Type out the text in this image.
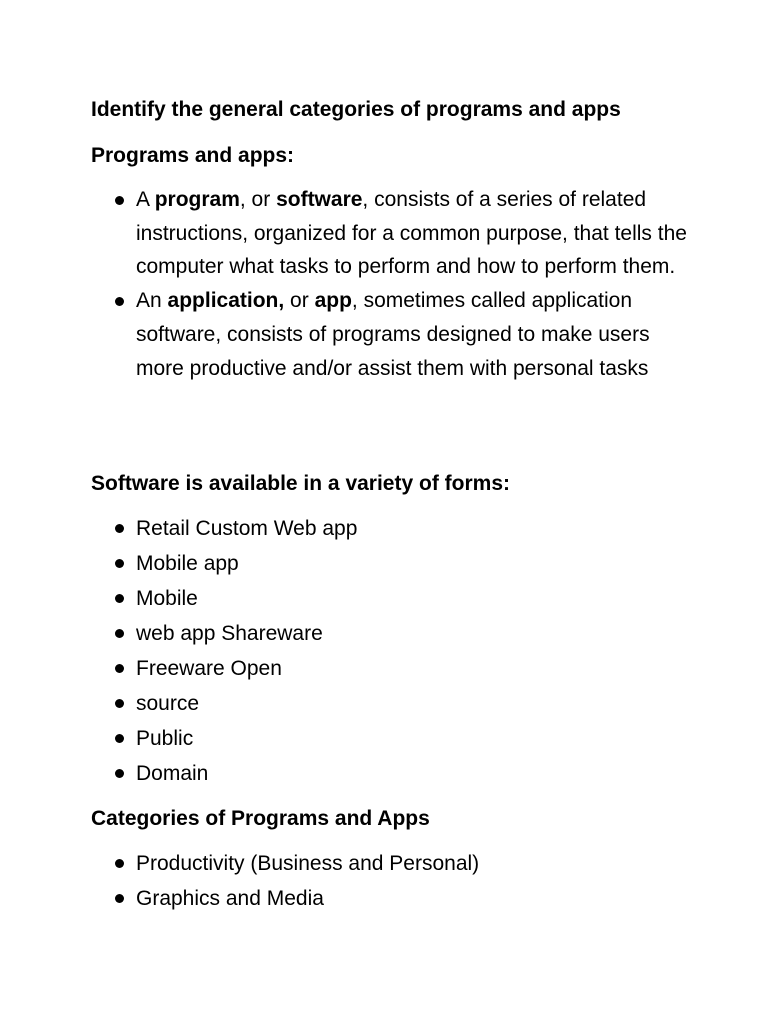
Identify the general categories of programs and apps
Programs and apps:
A program, or software, consists of a series of related instructions, organized for a common purpose, that tells the computer what tasks to perform and how to perform them.
An application, or app, sometimes called application software, consists of programs designed to make users more productive and/or assist them with personal tasks
Software is available in a variety of forms:
Retail Custom Web app
Mobile app
Mobile
web app Shareware
Freeware Open
source
Public
Domain
Categories of Programs and Apps
Productivity (Business and Personal)
Graphics and Media
